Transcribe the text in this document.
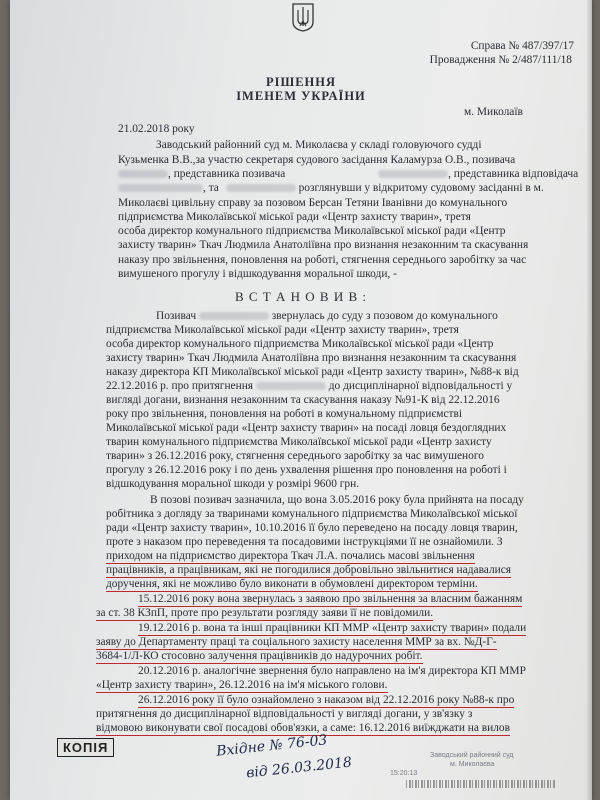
Справа № 487/397/17
Провадження № 2/487/111/18
РІШЕННЯ
ІМЕНЕМ УКРАЇНИ
м. Миколаїв
21.02.2018 року
Заводський районний суд м. Миколаєва у складі головуючого судді
Кузьменка В.В.,за участю секретаря судового засідання Каламурза О.В., позивача
, представника позивача	, представника відповідача
, та	розглянувши у відкритому судовому засіданні в м.
Миколаєві цивільну справу за позовом Берсан Тетяни Іванівни до комунального
підприємства Миколаївської міської ради «Центр захисту тварин», третя
особа директор комунального підприємства Миколаївської міської ради «Центр
захисту тварин» Ткач Людмила Анатоліївна про визнання незаконним та скасування
наказу про звільнення, поновлення на роботі, стягнення середнього заробітку за час
вимушеного прогулу і відшкодування моральної шкоди, -
В С Т А Н О В И В :
Позивач	звернулась до суду з позовом до комунального
підприємства Миколаївської міської ради «Центр захисту тварин», третя
особа директор комунального підприємства Миколаївської міської ради «Центр
захисту тварин» Ткач Людмила Анатоліївна про визнання незаконним та скасування
наказу директора КП Миколаївської міської ради «Центр захисту тварин», №88-к від
22.12.2016 р. про притягнення	до дисциплінарної відповідальності у
вигляді догани, визнання незаконним та скасування наказу №91-К від 22.12.2016
року про звільнення, поновлення на роботі в комунальному підприємстві
Миколаївської міської ради «Центр захисту тварин» на посаді ловця бездоглядних
тварин комунального підприємства Миколаївської міської ради «Центр захисту
тварин» з 26.12.2016 року, стягнення середнього заробітку за час вимушеного
прогулу з 26.12.2016 року і по день ухвалення рішення про поновлення на роботі і
відшкодування моральної шкоди у розмірі 9600 грн.
В позові позивач зазначила, що вона 3.05.2016 року була прийнята на посаду
робітника з догляду за тваринами комунального підприємства Миколаївської міської
ради «Центр захисту тварин», 10.10.2016 її було переведено на посаду ловця тварин,
проте з наказом про переведення та посадовими інструкціями її не ознайомили. З
приходом на підприємство директора Ткач Л.А. почались масові звільнення
працівників, а працівникам, які не погодилися добровільно звільнитися надавалися
доручення, які не можливо було виконати в обумовлені директором терміни.
15.12.2016 року вона звернулась з заявою про звільнення за власним бажанням
за ст. 38 КЗпП, проте про результати розгляду заяви її не повідомили.
19.12.2016 р. вона та інші працівники КП ММР «Центр захисту тварин» подали
заяву до Департаменту праці та соціального захисту населення ММР за вх. №Д-Г-
3684-1/Л-КО стосовно залучення працівників до надурочних робіт.
20.12.2016 р. аналогічне звернення було направлено на ім'я директора КП ММР
«Центр захисту тварин», 26.12.2016 на ім'я міського голови.
26.12.2016 року її було ознайомлено з наказом від 22.12.2016 року №88-к про
притягнення до дисциплінарної відповідальності у вигляді догани, у зв'язку з
відмовою виконувати свої посадові обов'язки, а саме: 16.12.2016 виїжджати на вилов
Вхідне № 76-03
від 26.03.2018	Заводський районний суд
м. Миколаєва
15:20:13
КОПІЯ
